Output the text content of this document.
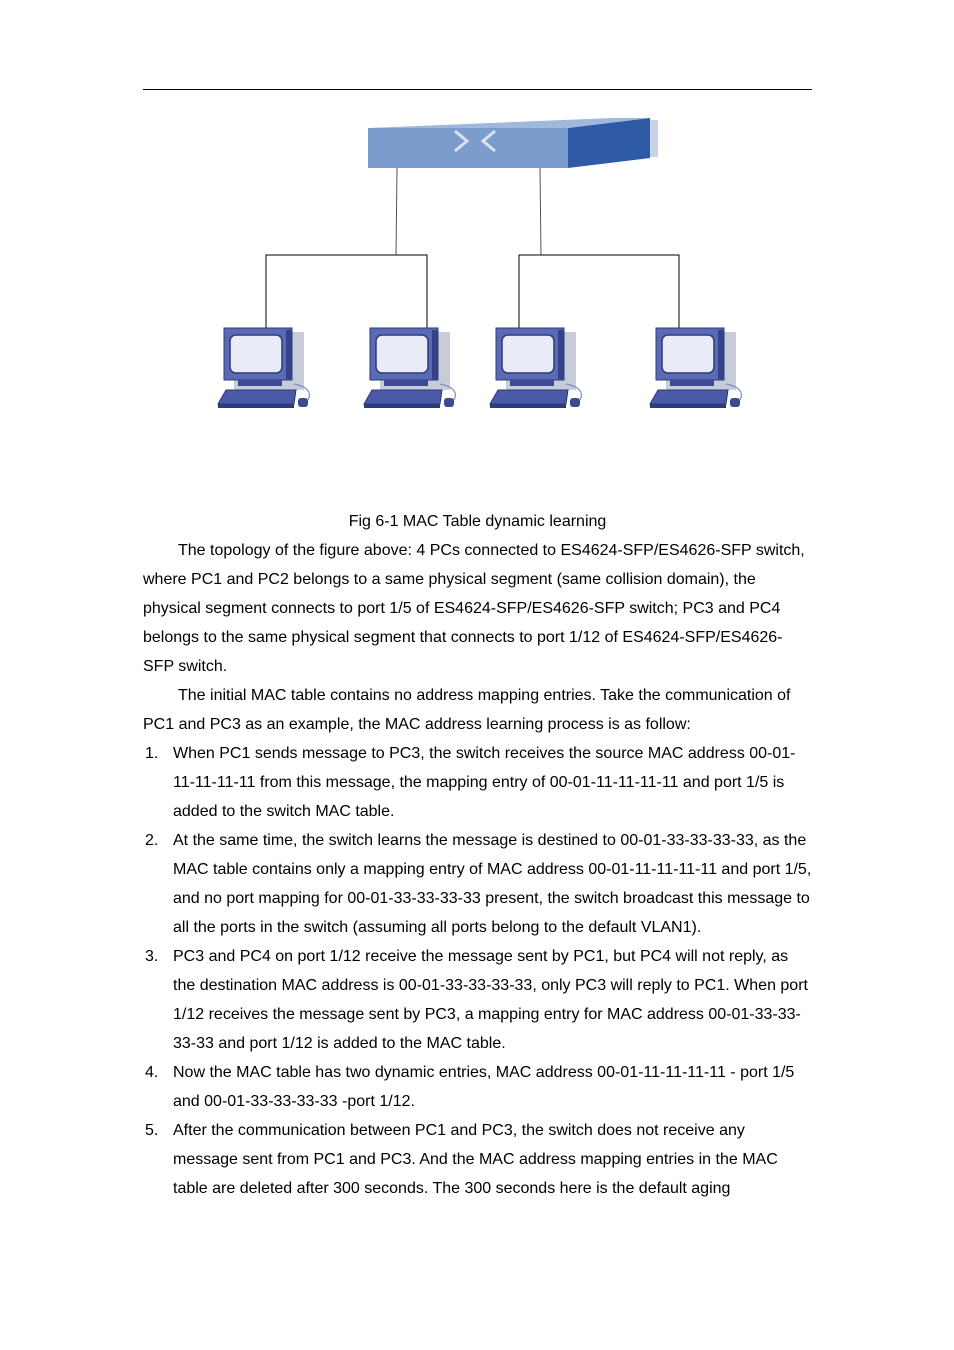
Fig 6-1 MAC Table dynamic learning

The topology of the figure above: 4 PCs connected to ES4624-SFP/ES4626-SFP switch, where PC1 and PC2 belongs to a same physical segment (same collision domain), the physical segment connects to port 1/5 of ES4624-SFP/ES4626-SFP switch; PC3 and PC4 belongs to the same physical segment that connects to port 1/12 of ES4624-SFP/ES4626-SFP switch.

The initial MAC table contains no address mapping entries. Take the communication of PC1 and PC3 as an example, the MAC address learning process is as follow:

1. When PC1 sends message to PC3, the switch receives the source MAC address 00-01-11-11-11-11 from this message, the mapping entry of 00-01-11-11-11-11 and port 1/5 is added to the switch MAC table.
2. At the same time, the switch learns the message is destined to 00-01-33-33-33-33, as the MAC table contains only a mapping entry of MAC address 00-01-11-11-11-11 and port 1/5, and no port mapping for 00-01-33-33-33-33 present, the switch broadcast this message to all the ports in the switch (assuming all ports belong to the default VLAN1).
3. PC3 and PC4 on port 1/12 receive the message sent by PC1, but PC4 will not reply, as the destination MAC address is 00-01-33-33-33-33, only PC3 will reply to PC1. When port 1/12 receives the message sent by PC3, a mapping entry for MAC address 00-01-33-33-33-33 and port 1/12 is added to the MAC table.
4. Now the MAC table has two dynamic entries, MAC address 00-01-11-11-11-11 - port 1/5 and 00-01-33-33-33-33 -port 1/12.
5. After the communication between PC1 and PC3, the switch does not receive any message sent from PC1 and PC3. And the MAC address mapping entries in the MAC table are deleted after 300 seconds. The 300 seconds here is the default aging
